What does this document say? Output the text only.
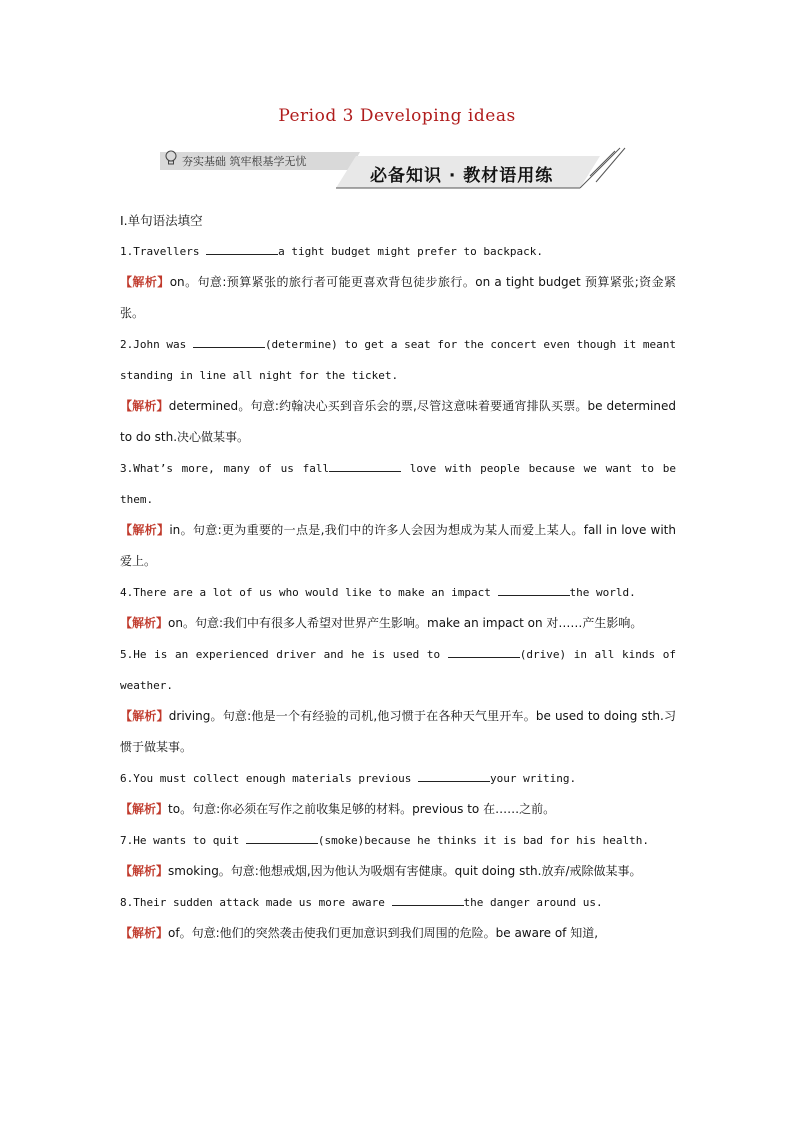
Period 3 Developing ideas
夯实基础 筑牢根基学无忧
必备知识 · 教材语用练
Ⅰ.单句语法填空

1.Travellers	a tight budget might prefer to backpack.

【解析】on。句意:预算紧张的旅行者可能更喜欢背包徒步旅行。on a tight budget 预算紧张;资金紧张。

2.John was	(determine) to get a seat for the concert even though it meant standing in line all night for the ticket.

【解析】determined。句意:约翰决心买到音乐会的票,尽管这意味着要通宵排队买票。be determined to do sth.决心做某事。

3.What’s more, many of us fall	love with people because we want to be them.

【解析】in。句意:更为重要的一点是,我们中的许多人会因为想成为某人而爱上某人。fall in love with 爱上。

4.There are a lot of us who would like to make an impact	the world.

【解析】on。句意:我们中有很多人希望对世界产生影响。make an impact on 对……产生影响。

5.He is an experienced driver and he is used to	(drive) in all kinds of weather.

【解析】driving。句意:他是一个有经验的司机,他习惯于在各种天气里开车。be used to doing sth.习惯于做某事。

6.You must collect enough materials previous	your writing.

【解析】to。句意:你必须在写作之前收集足够的材料。previous to 在……之前。

7.He wants to quit	(smoke)because he thinks it is bad for his health.

【解析】smoking。句意:他想戒烟,因为他认为吸烟有害健康。quit doing sth.放弃/戒除做某事。

8.Their sudden attack made us more aware	the danger around us.

【解析】of。句意:他们的突然袭击使我们更加意识到我们周围的危险。be aware of 知道,
